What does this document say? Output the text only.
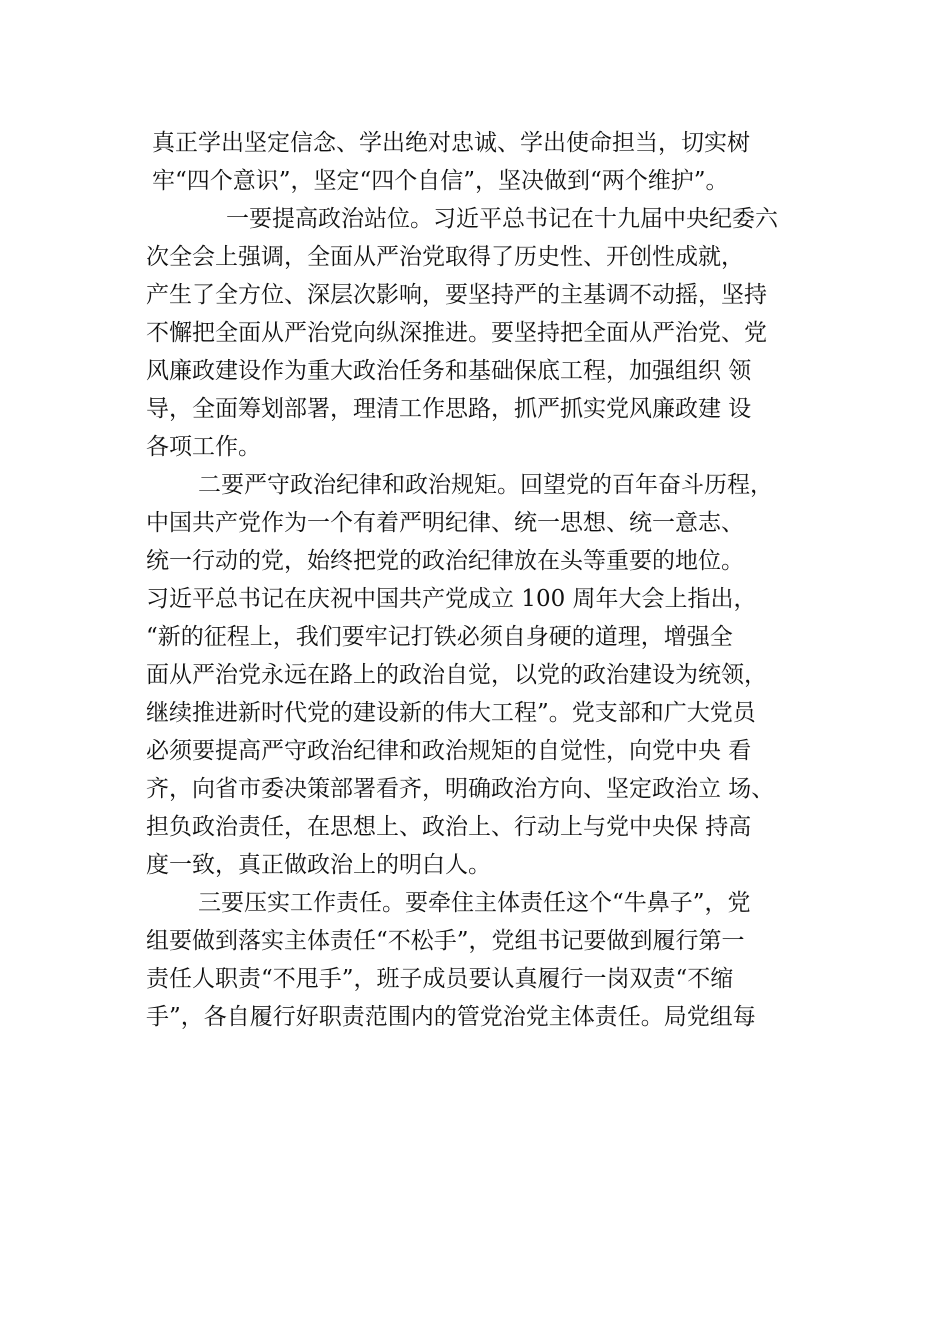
真正学出坚定信念、学出绝对忠诚、学出使命担当，切实树
牢“四个意识”，坚定“四个自信”，坚决做到“两个维护”。
一要提高政治站位。习近平总书记在十九届中央纪委六
次全会上强调，全面从严治党取得了历史性、开创性成就，
产生了全方位、深层次影响，要坚持严的主基调不动摇，坚持
不懈把全面从严治党向纵深推进。要坚持把全面从严治党、党
风廉政建设作为重大政治任务和基础保底工程，加强组织 领
导，全面筹划部署，理清工作思路，抓严抓实党风廉政建 设
各项工作。
二要严守政治纪律和政治规矩。回望党的百年奋斗历程，
中国共产党作为一个有着严明纪律、统一思想、统一意志、
统一行动的党，始终把党的政治纪律放在头等重要的地位。
习近平总书记在庆祝中国共产党成立 100 周年大会上指出，
“新的征程上，我们要牢记打铁必须自身硬的道理，增强全
面从严治党永远在路上的政治自觉，以党的政治建设为统领，
继续推进新时代党的建设新的伟大工程”。党支部和广大党员
必须要提高严守政治纪律和政治规矩的自觉性，向党中央 看
齐，向省市委决策部署看齐，明确政治方向、坚定政治立 场、
担负政治责任，在思想上、政治上、行动上与党中央保 持高
度一致，真正做政治上的明白人。
三要压实工作责任。要牵住主体责任这个“牛鼻子”，党
组要做到落实主体责任“不松手”，党组书记要做到履行第一
责任人职责“不甩手”，班子成员要认真履行一岗双责“不缩
手”，各自履行好职责范围内的管党治党主体责任。局党组每
